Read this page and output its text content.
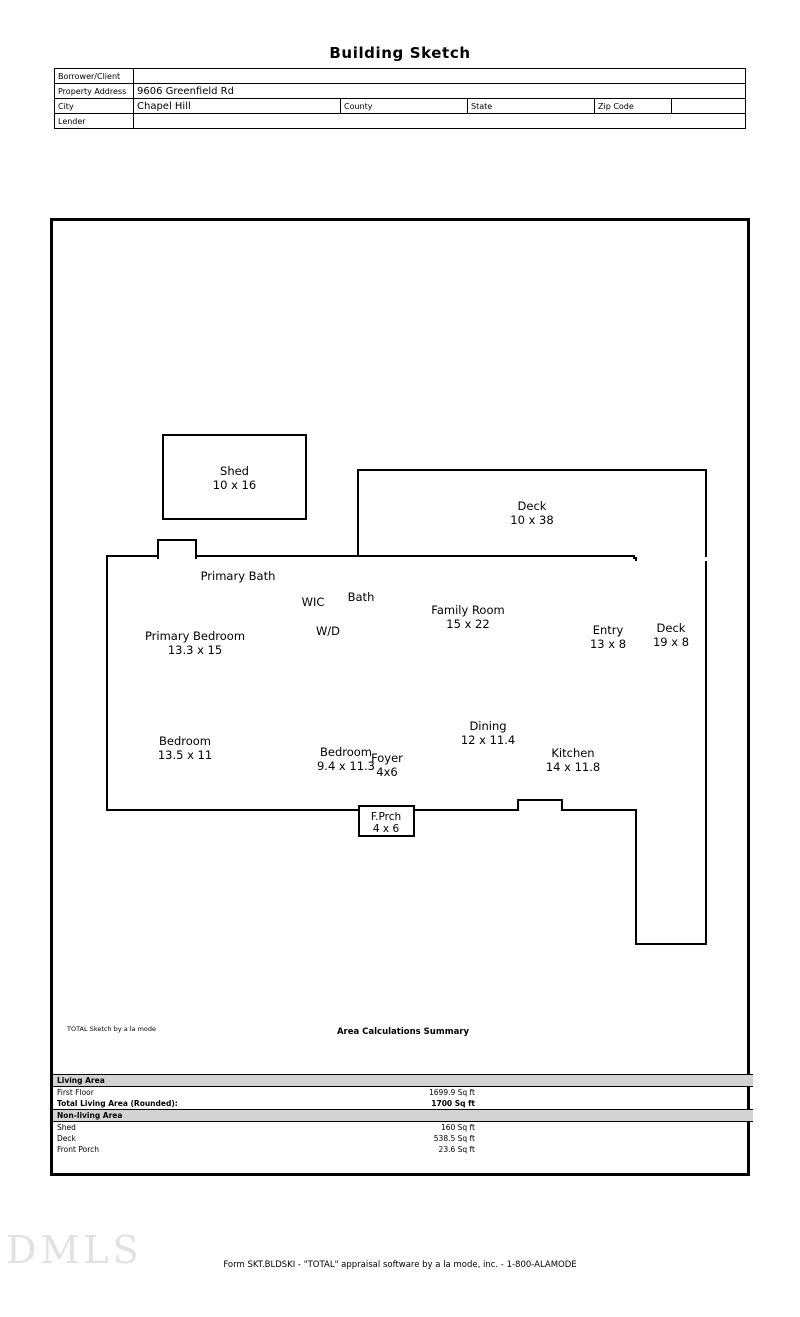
Building Sketch
Borrower/Client					
Property Address	9606 Greenfield Rd				
City	Chapel Hill	County	State	Zip Code	
Lender					
Shed
10 x 16
Deck
10 x 38
Deck
19 x 8
Primary Bath
WIC	Bath
W/D
Family Room
15 x 22	Entry
13 x 8
Primary Bedroom
13.3 x 15
Bedroom
13.5 x 11	Bedroom
9.4 x 11.3
Foyer
4x6
Dining
12 x 11.4
Kitchen
14 x 11.8
F.Prch
4 x 6
TOTAL Sketch by a la mode	Area Calculations Summary
Living Area		
First Floor	1699.9 Sq ft	
Total Living Area (Rounded):	1700 Sq ft	
Non-living Area		
Shed	160 Sq ft	
Deck	538.5 Sq ft	
Front Porch	23.6 Sq ft	
DMLS	Form SKT.BLDSKI - "TOTAL" appraisal software by a la mode, inc. - 1-800-ALAMODE
